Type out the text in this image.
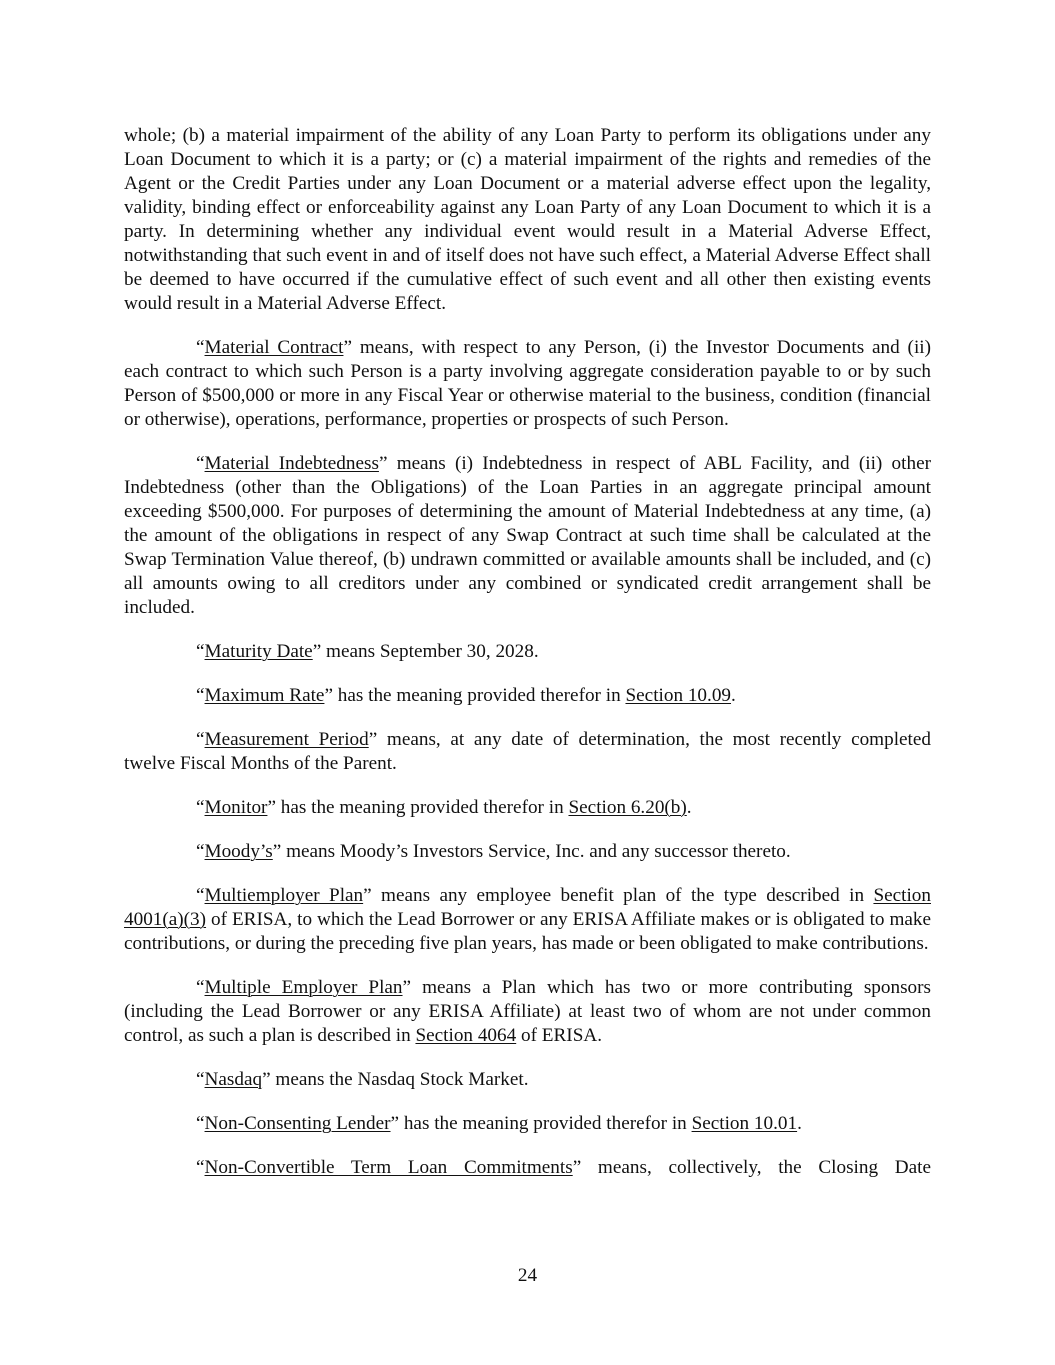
whole; (b) a material impairment of the ability of any Loan Party to perform its obligations under any Loan Document to which it is a party; or (c) a material impairment of the rights and remedies of the Agent or the Credit Parties under any Loan Document or a material adverse effect upon the legality, validity, binding effect or enforceability against any Loan Party of any Loan Document to which it is a party. In determining whether any individual event would result in a Material Adverse Effect, notwithstanding that such event in and of itself does not have such effect, a Material Adverse Effect shall be deemed to have occurred if the cumulative effect of such event and all other then existing events would result in a Material Adverse Effect.

“Material Contract” means, with respect to any Person, (i) the Investor Documents and (ii) each contract to which such Person is a party involving aggregate consideration payable to or by such Person of $500,000 or more in any Fiscal Year or otherwise material to the business, condition (financial or otherwise), operations, performance, properties or prospects of such Person.

“Material Indebtedness” means (i) Indebtedness in respect of ABL Facility, and (ii) other Indebtedness (other than the Obligations) of the Loan Parties in an aggregate principal amount exceeding $500,000. For purposes of determining the amount of Material Indebtedness at any time, (a) the amount of the obligations in respect of any Swap Contract at such time shall be calculated at the Swap Termination Value thereof, (b) undrawn committed or available amounts shall be included, and (c) all amounts owing to all creditors under any combined or syndicated credit arrangement shall be included.

“Maturity Date” means September 30, 2028.

“Maximum Rate” has the meaning provided therefor in Section 10.09.

“Measurement Period” means, at any date of determination, the most recently completed twelve Fiscal Months of the Parent.

“Monitor” has the meaning provided therefor in Section 6.20(b).

“Moody’s” means Moody’s Investors Service, Inc. and any successor thereto.

“Multiemployer Plan” means any employee benefit plan of the type described in Section 4001(a)(3) of ERISA, to which the Lead Borrower or any ERISA Affiliate makes or is obligated to make contributions, or during the preceding five plan years, has made or been obligated to make contributions.

“Multiple Employer Plan” means a Plan which has two or more contributing sponsors (including the Lead Borrower or any ERISA Affiliate) at least two of whom are not under common control, as such a plan is described in Section 4064 of ERISA.

“Nasdaq” means the Nasdaq Stock Market.

“Non-Consenting Lender” has the meaning provided therefor in Section 10.01.

“Non-Convertible Term Loan Commitments” means, collectively, the Closing Date

24
